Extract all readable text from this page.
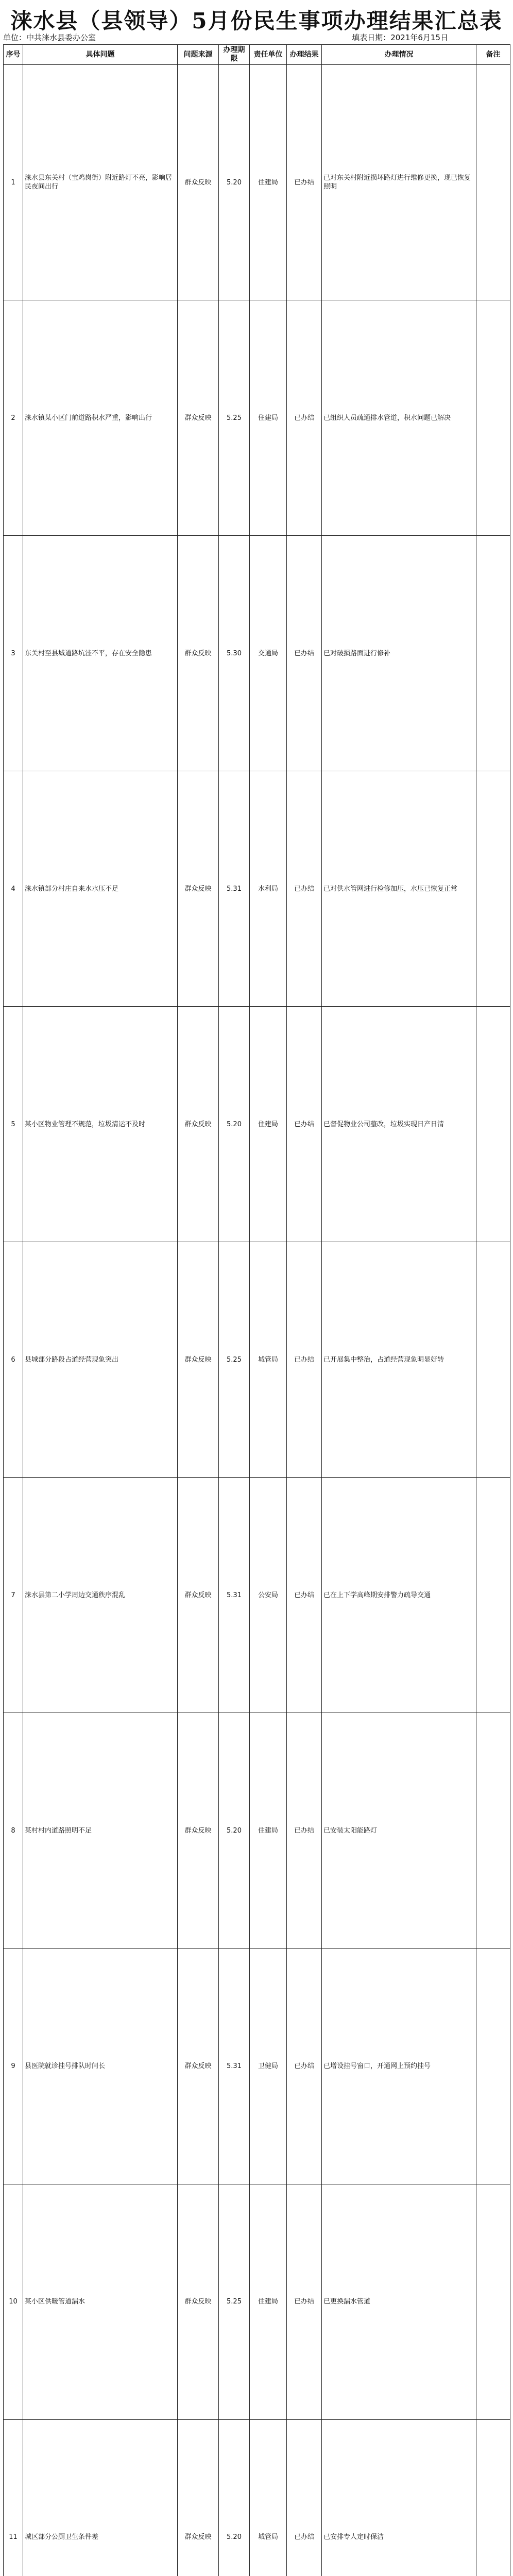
涞水县（县领导）5月份民生事项办理结果汇总表
单位：中共涞水县委办公室	填表日期：2021年6月15日
序号	具体问题	问题来源	办理期限	责任单位	办理结果	办理情况	备注
1	涞水县东关村（宝鸡岗街）附近路灯不亮，影响居民夜间出行	群众反映	5.20	住建局	已办结	已对东关村附近损坏路灯进行维修更换，现已恢复照明	
2	涞水镇某小区门前道路积水严重，影响出行	群众反映	5.25	住建局	已办结	已组织人员疏通排水管道，积水问题已解决	
3	东关村至县城道路坑洼不平，存在安全隐患	群众反映	5.30	交通局	已办结	已对破损路面进行修补	
4	涞水镇部分村庄自来水水压不足	群众反映	5.31	水利局	已办结	已对供水管网进行检修加压，水压已恢复正常	
5	某小区物业管理不规范，垃圾清运不及时	群众反映	5.20	住建局	已办结	已督促物业公司整改，垃圾实现日产日清	
6	县城部分路段占道经营现象突出	群众反映	5.25	城管局	已办结	已开展集中整治，占道经营现象明显好转	
7	涞水县第二小学周边交通秩序混乱	群众反映	5.31	公安局	已办结	已在上下学高峰期安排警力疏导交通	
8	某村村内道路照明不足	群众反映	5.20	住建局	已办结	已安装太阳能路灯	
9	县医院就诊挂号排队时间长	群众反映	5.31	卫健局	已办结	已增设挂号窗口，开通网上预约挂号	
10	某小区供暖管道漏水	群众反映	5.25	住建局	已办结	已更换漏水管道	
11	城区部分公厕卫生条件差	群众反映	5.20	城管局	已办结	已安排专人定时保洁	
